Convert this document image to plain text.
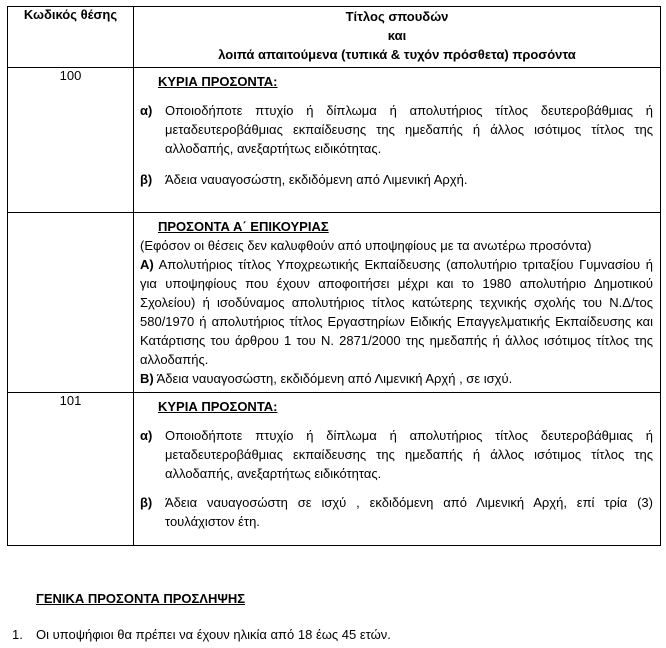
Κωδικός θέσης	Τίτλος σπουδών
και
λοιπά απαιτούμενα (τυπικά & τυχόν πρόσθετα) προσόντα

100	ΚΥΡΙΑ ΠΡΟΣΟΝΤΑ:
α) Οποιοδήποτε πτυχίο ή δίπλωμα ή απολυτήριος τίτλος δευτεροβάθμιας ή μεταδευτεροβάθμιας εκπαίδευσης της ημεδαπής ή άλλος ισότιμος τίτλος της αλλοδαπής, ανεξαρτήτως ειδικότητας.
β) Άδεια ναυαγοσώστη, εκδιδόμενη από Λιμενική Αρχή.

	ΠΡΟΣΟΝΤΑ Α΄ ΕΠΙΚΟΥΡΙΑΣ
(Εφόσον οι θέσεις δεν καλυφθούν από υποψηφίους με τα ανωτέρω προσόντα)
Α) Απολυτήριος τίτλος Υποχρεωτικής Εκπαίδευσης (απολυτήριο τριταξίου Γυμνασίου ή για υποψηφίους που έχουν αποφοιτήσει μέχρι και το 1980 απολυτήριο Δημοτικού Σχολείου) ή ισοδύναμος απολυτήριος τίτλος κατώτερης τεχνικής σχολής του Ν.Δ/τος 580/1970 ή απολυτήριος τίτλος Εργαστηρίων Ειδικής Επαγγελματικής Εκπαίδευσης και Κατάρτισης του άρθρου 1 του Ν. 2871/2000 της ημεδαπής ή άλλος ισότιμος τίτλος της αλλοδαπής.
Β) Άδεια ναυαγοσώστη, εκδιδόμενη από Λιμενική Αρχή , σε ισχύ.

101	ΚΥΡΙΑ ΠΡΟΣΟΝΤΑ:
α) Οποιοδήποτε πτυχίο ή δίπλωμα ή απολυτήριος τίτλος δευτεροβάθμιας ή μεταδευτεροβάθμιας εκπαίδευσης της ημεδαπής ή άλλος ισότιμος τίτλος της αλλοδαπής, ανεξαρτήτως ειδικότητας.
β) Άδεια ναυαγοσώστη σε ισχύ , εκδιδόμενη από Λιμενική Αρχή, επί τρία (3) τουλάχιστον έτη.
ΓΕΝΙΚΑ ΠΡΟΣΟΝΤΑ ΠΡΟΣΛΗΨΗΣ
1.	Οι υποψήφιοι θα πρέπει να έχουν ηλικία από 18 έως 45 ετών.
